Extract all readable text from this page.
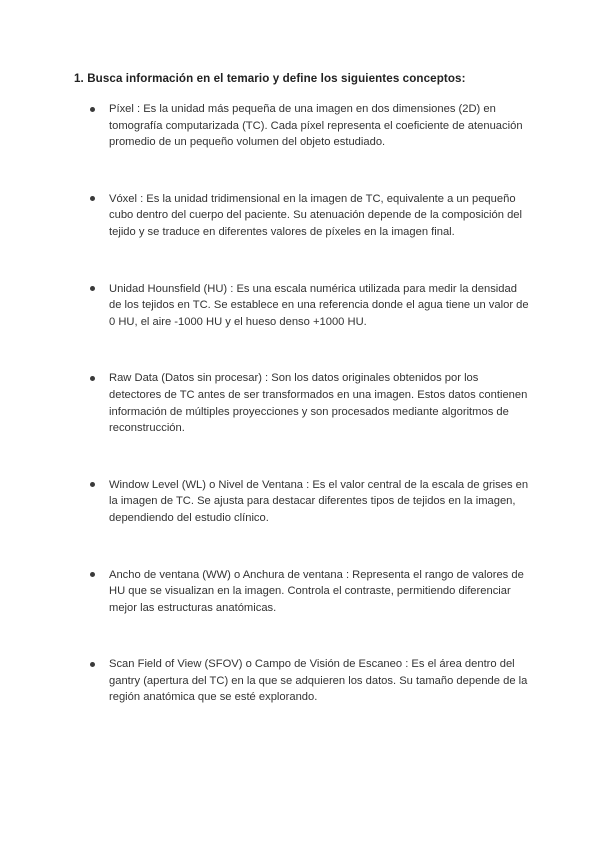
1. Busca información en el temario y define los siguientes conceptos:
Píxel : Es la unidad más pequeña de una imagen en dos dimensiones (2D) en tomografía computarizada (TC). Cada píxel representa el coeficiente de atenuación promedio de un pequeño volumen del objeto estudiado.
Vóxel : Es la unidad tridimensional en la imagen de TC, equivalente a un pequeño cubo dentro del cuerpo del paciente. Su atenuación depende de la composición del tejido y se traduce en diferentes valores de píxeles en la imagen final.
Unidad Hounsfield (HU) : Es una escala numérica utilizada para medir la densidad de los tejidos en TC. Se establece en una referencia donde el agua tiene un valor de 0 HU, el aire -1000 HU y el hueso denso +1000 HU.
Raw Data (Datos sin procesar) : Son los datos originales obtenidos por los detectores de TC antes de ser transformados en una imagen. Estos datos contienen información de múltiples proyecciones y son procesados mediante algoritmos de reconstrucción.
Window Level (WL) o Nivel de Ventana : Es el valor central de la escala de grises en la imagen de TC. Se ajusta para destacar diferentes tipos de tejidos en la imagen, dependiendo del estudio clínico.
Ancho de ventana (WW) o Anchura de ventana : Representa el rango de valores de HU que se visualizan en la imagen. Controla el contraste, permitiendo diferenciar mejor las estructuras anatómicas.
Scan Field of View (SFOV) o Campo de Visión de Escaneo : Es el área dentro del gantry (apertura del TC) en la que se adquieren los datos. Su tamaño depende de la región anatómica que se esté explorando.
